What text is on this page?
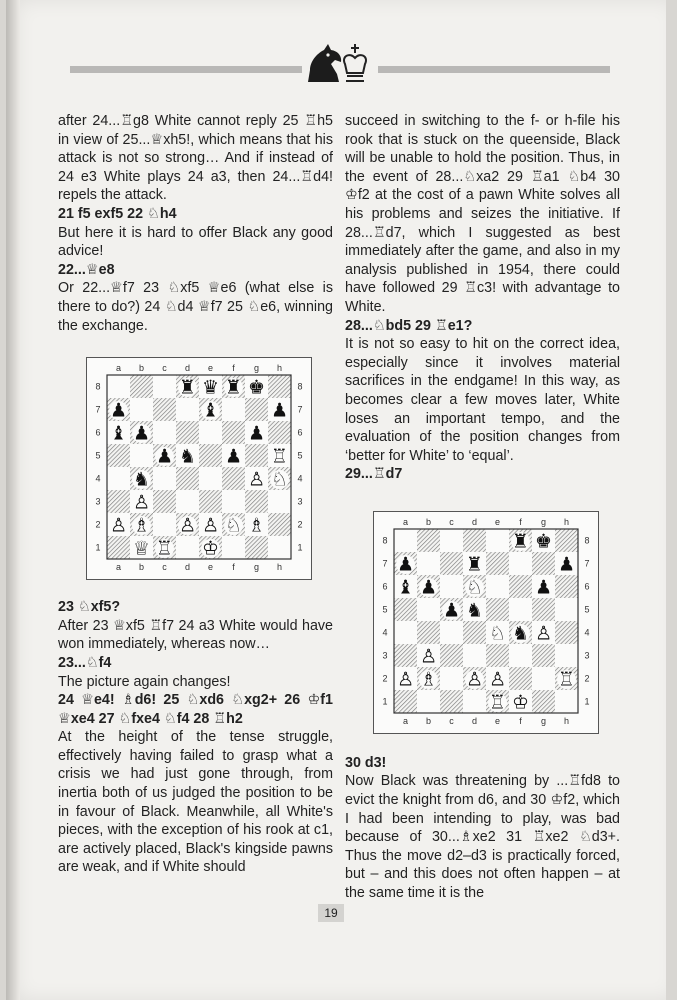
after 24...♖g8 White cannot reply 25 ♖h5 in view of 25...♕xh5!, which means that his attack is not so strong… And if instead of 24 e3 White plays 24 a3, then 24...♖d4! repels the attack.

21 f5 exf5 22 ♘h4

But here it is hard to offer Black any good advice!

22...♕e8

Or 22...♕f7 23 ♘xf5 ♕e6 (what else is there to do?) 24 ♘d4 ♕f7 25 ♘e6, winning the exchange.

a
a
b
b
c
c
d
d
e
e
f
f
g
g
h
h
8	8
7	7
6	6
5	5
4	4
3	3
2	2
1	1
♜ ♛ ♜ ♚
♟	♝	♟
♝ ♟	♟
♟ ♞ ♟ ♖
♞	♙ ♘
♙
♙ ♗ ♙ ♙ ♘ ♗
♕ ♖ ♔

23 ♘xf5?

After 23 ♕xf5 ♖f7 24 a3 White would have won immediately, whereas now…

23...♘f4

The picture again changes!

24 ♕e4! ♗d6! 25 ♘xd6 ♘xg2+ 26 ♔f1 ♕xe4 27 ♘fxe4 ♘f4 28 ♖h2

At the height of the tense struggle, effectively having failed to grasp what a crisis we had just gone through, from inertia both of us judged the position to be in favour of Black. Meanwhile, all White's pieces, with the exception of his rook at c1, are actively placed, Black's kingside pawns are weak, and if White should

succeed in switching to the f- or h-file his rook that is stuck on the queenside, Black will be unable to hold the position. Thus, in the event of 28...♘xa2 29 ♖a1 ♘b4 30 ♔f2 at the cost of a pawn White solves all his problems and seizes the initiative. If 28...♖d7, which I suggested as best immediately after the game, and also in my analysis published in 1954, there could have followed 29 ♖c3! with advantage to White.

28...♘bd5 29 ♖e1?

It is not so easy to hit on the correct idea, especially since it involves material sacrifices in the endgame! In this way, as becomes clear a few moves later, White loses an important tempo, and the evaluation of the position changes from ‘better for White’ to ‘equal’.

29...♖d7

a
a
b
b
c
c
d
d
e
e
f
f
g
g
h
h
8	8
7	7
6	6
5	5
4	4
3	3
2	2
1	1
♜ ♚
♟	♜	♟
♝ ♟ ♘	♟
♟ ♞
♘ ♞ ♙
♙
♙ ♗ ♙ ♙	♖
♖ ♔

30 d3!

Now Black was threatening by ...♖fd8 to evict the knight from d6, and 30 ♔f2, which I had been intending to play, was bad because of 30...♗xe2 31 ♖xe2 ♘d3+. Thus the move d2–d3 is practically forced, but – and this does not often happen – at the same time it is the

19
